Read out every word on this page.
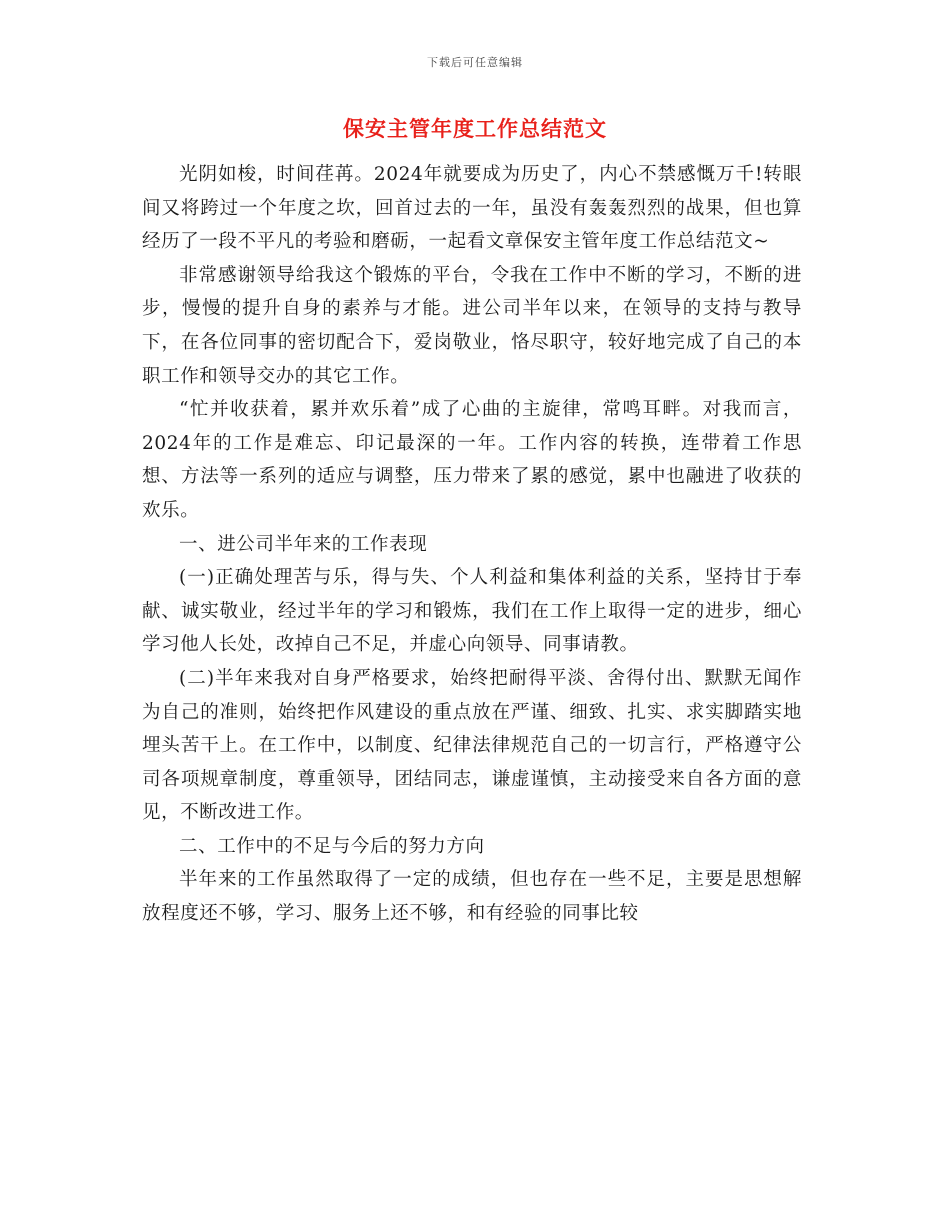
下载后可任意编辑
保安主管年度工作总结范文

光阴如梭，时间荏苒。2024年就要成为历史了，内心不禁感慨万千!转眼间又将跨过一个年度之坎，回首过去的一年，虽没有轰轰烈烈的战果，但也算经历了一段不平凡的考验和磨砺，一起看文章保安主管年度工作总结范文~

非常感谢领导给我这个锻炼的平台，令我在工作中不断的学习，不断的进步，慢慢的提升自身的素养与才能。进公司半年以来，在领导的支持与教导下，在各位同事的密切配合下，爱岗敬业，恪尽职守，较好地完成了自己的本职工作和领导交办的其它工作。

“忙并收获着，累并欢乐着”成了心曲的主旋律，常鸣耳畔。对我而言，2024年的工作是难忘、印记最深的一年。工作内容的转换，连带着工作思想、方法等一系列的适应与调整，压力带来了累的感觉，累中也融进了收获的欢乐。

一、进公司半年来的工作表现

(一)正确处理苦与乐，得与失、个人利益和集体利益的关系，坚持甘于奉献、诚实敬业，经过半年的学习和锻炼，我们在工作上取得一定的进步，细心学习他人长处，改掉自己不足，并虚心向领导、同事请教。

(二)半年来我对自身严格要求，始终把耐得平淡、舍得付出、默默无闻作为自己的准则，始终把作风建设的重点放在严谨、细致、扎实、求实脚踏实地埋头苦干上。在工作中，以制度、纪律法律规范自己的一切言行，严格遵守公司各项规章制度，尊重领导，团结同志，谦虚谨慎，主动接受来自各方面的意见，不断改进工作。

二、工作中的不足与今后的努力方向

半年来的工作虽然取得了一定的成绩，但也存在一些不足，主要是思想解放程度还不够，学习、服务上还不够，和有经验的同事比较
